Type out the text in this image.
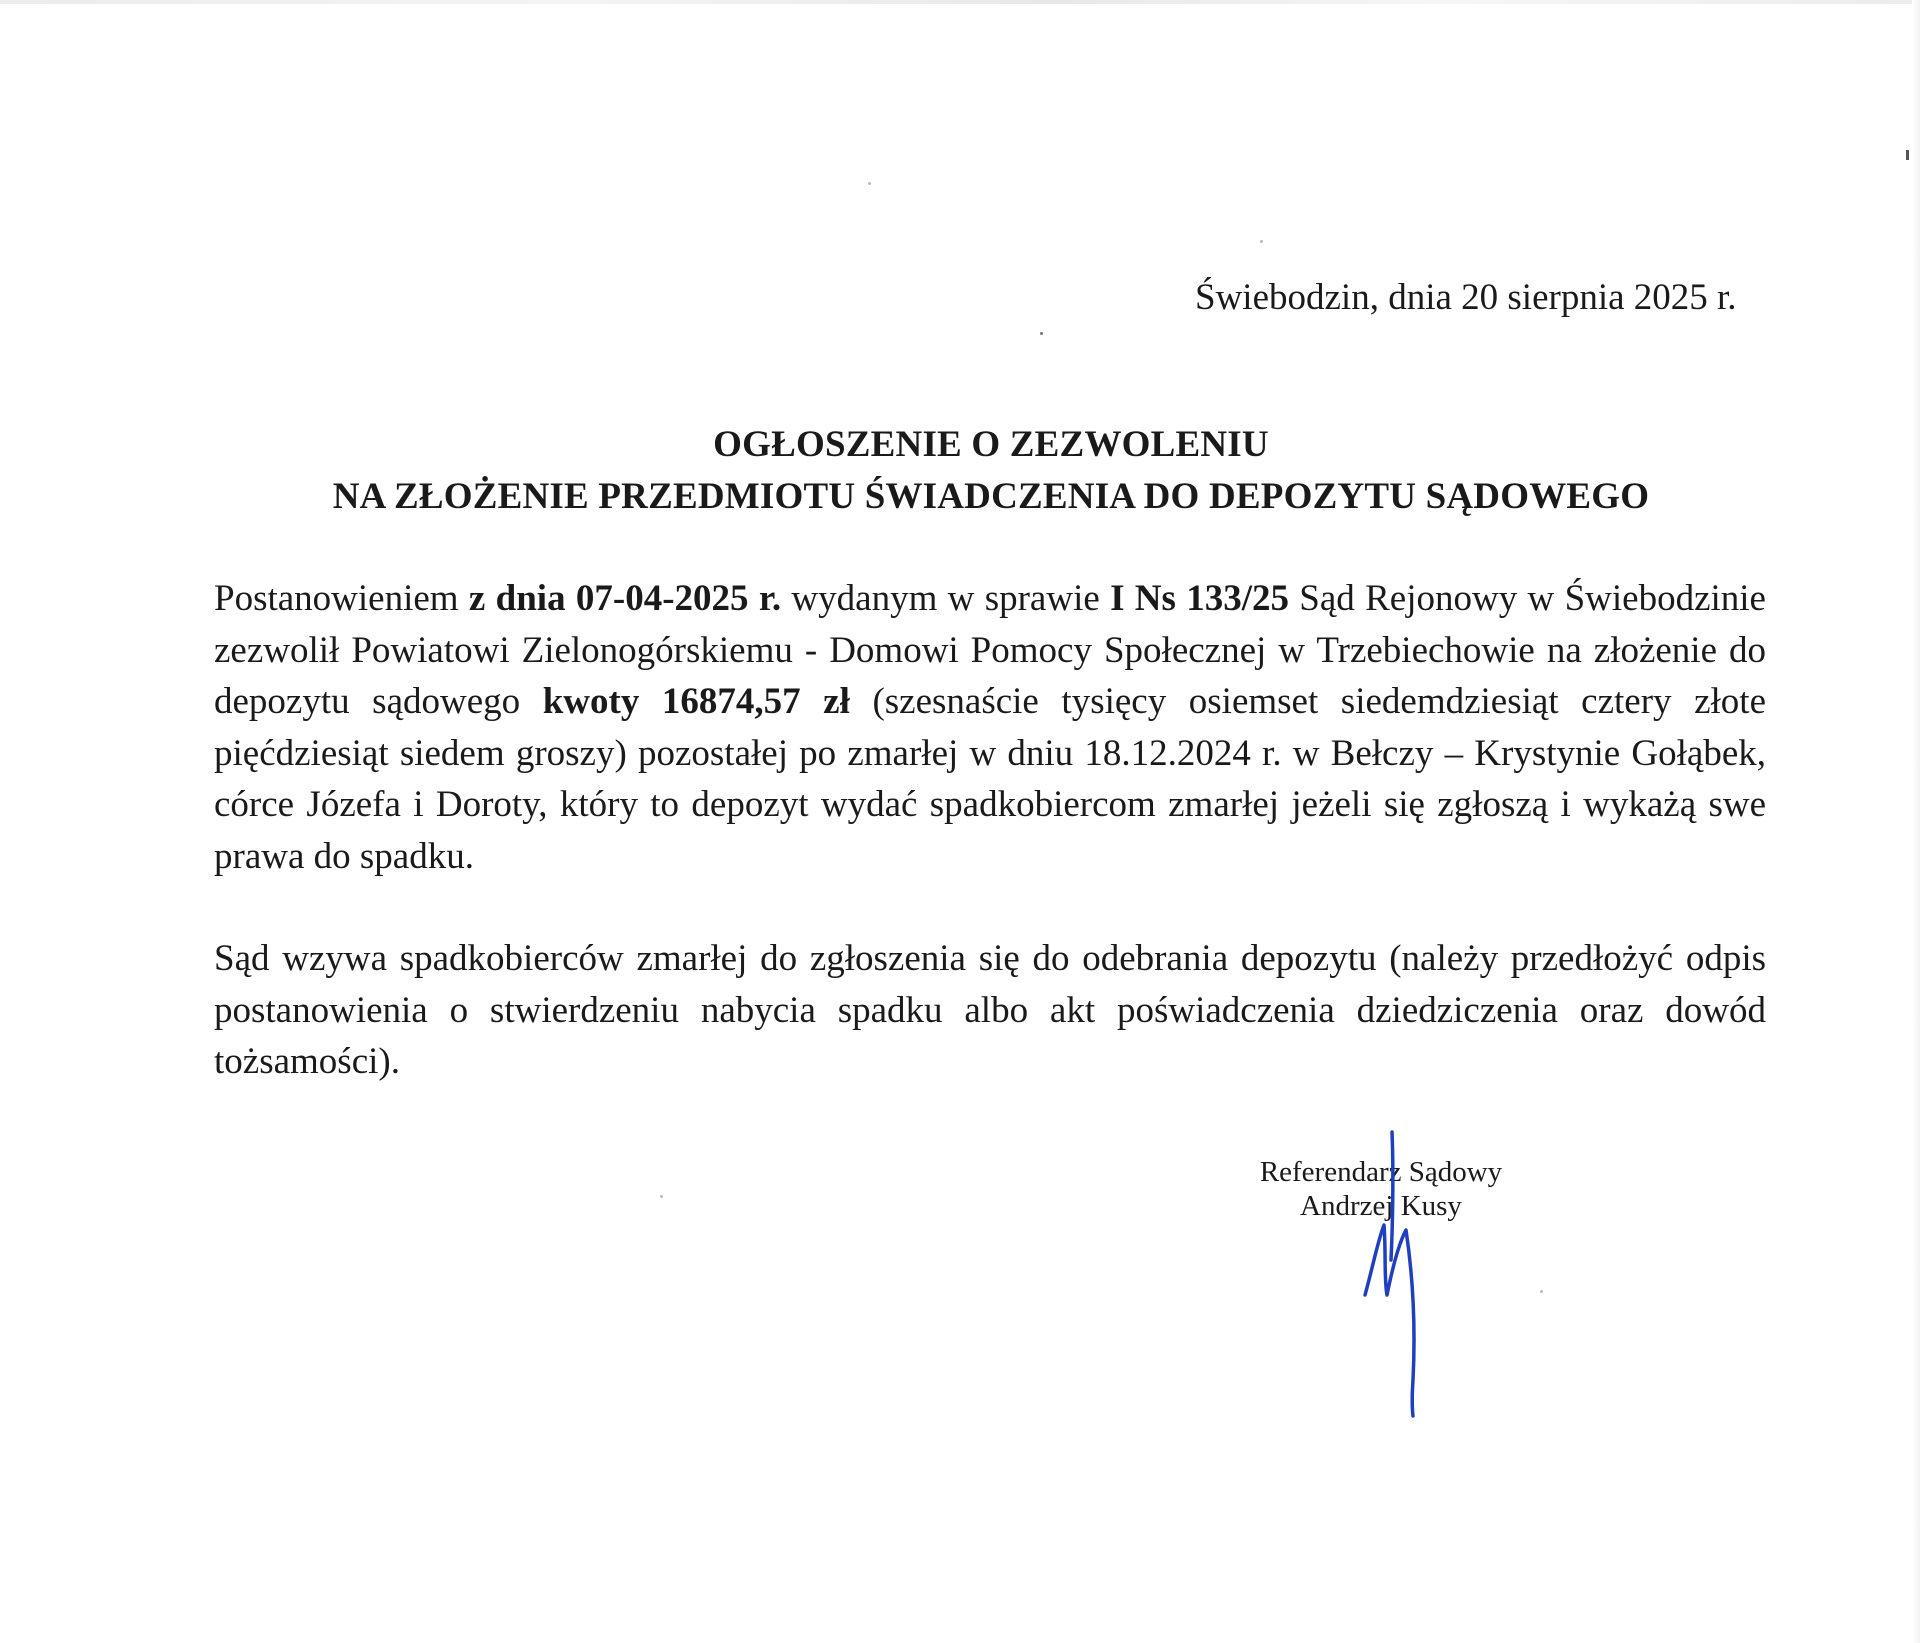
Świebodzin, dnia 20 sierpnia 2025 r.
OGŁOSZENIE O ZEZWOLENIU
NA ZŁOŻENIE PRZEDMIOTU ŚWIADCZENIA DO DEPOZYTU SĄDOWEGO

Postanowieniem z dnia 07-04-2025 r. wydanym w sprawie I Ns 133/25 Sąd Rejonowy w Świebodzinie zezwolił Powiatowi Zielonogórskiemu - Domowi Pomocy Społecznej w Trzebiechowie na złożenie do depozytu sądowego kwoty 16874,57 zł (szesnaście tysięcy osiemset siedemdziesiąt cztery złote pięćdziesiąt siedem groszy) pozostałej po zmarłej w dniu 18.12.2024 r. w Bełczy – Krystynie Gołąbek, córce Józefa i Doroty, który to depozyt wydać spadkobiercom zmarłej jeżeli się zgłoszą i wykażą swe prawa do spadku.

Sąd wzywa spadkobierców zmarłej do zgłoszenia się do odebrania depozytu (należy przedłożyć odpis postanowienia o stwierdzeniu nabycia spadku albo akt poświadczenia dziedziczenia oraz dowód tożsamości).

Referendarz Sądowy
Andrzej Kusy
